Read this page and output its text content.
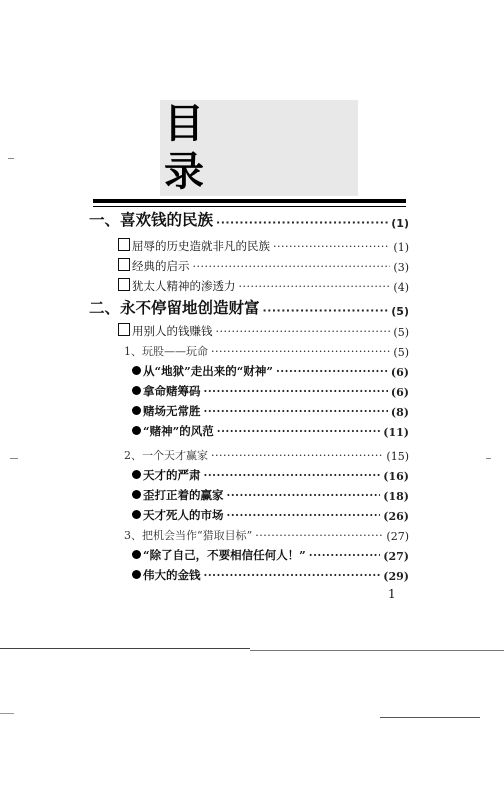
目 录
一、喜欢钱的民族 ·····	(1)
屈辱的历史造就非凡的民族 ·····	(1)
经典的启示 ·····	(3)
犹太人精神的渗透力 ·····	(4)
二、永不停留地创造财富 ·····	(5)
用别人的钱赚钱 ·····	(5)
1、玩股——玩命 ·····	(5)
从“地狱”走出来的“财神” ·····	(6)
拿命赌筹码 ·····	(6)
赌场无常胜 ·····	(8)
“赌神”的风范 ·····	(11)
2、一个天才赢家 ·····	(15)
天才的严肃 ·····	(16)
歪打正着的赢家 ·····	(18)
天才死人的市场 ·····	(26)
3、把机会当作“猎取目标” ·····	(27)
“除了自己，不要相信任何人！” ·····	(27)
伟大的金钱 ·····	(29)
1
